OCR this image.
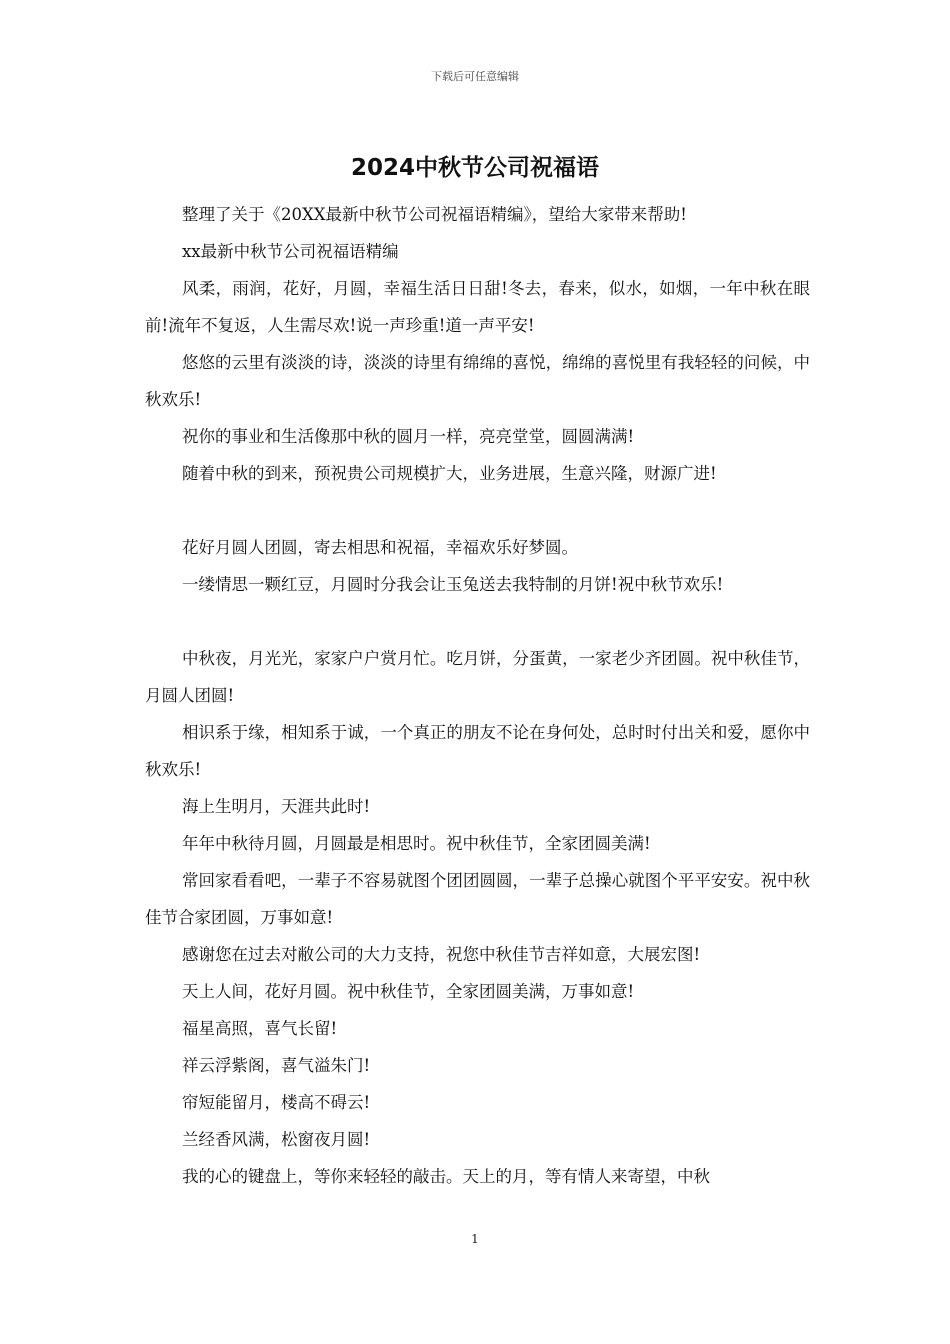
下载后可任意编辑
2024中秋节公司祝福语

整理了关于《20XX最新中秋节公司祝福语精编》，望给大家带来帮助!

xx最新中秋节公司祝福语精编

风柔，雨润，花好，月圆，幸福生活日日甜!冬去，春来，似水，如烟，一年中秋在眼前!流年不复返，人生需尽欢!说一声珍重!道一声平安!

悠悠的云里有淡淡的诗，淡淡的诗里有绵绵的喜悦，绵绵的喜悦里有我轻轻的问候，中秋欢乐!

祝你的事业和生活像那中秋的圆月一样，亮亮堂堂，圆圆满满!

随着中秋的到来，预祝贵公司规模扩大，业务进展，生意兴隆，财源广进!

花好月圆人团圆，寄去相思和祝福，幸福欢乐好梦圆。

一缕情思一颗红豆，月圆时分我会让玉兔送去我特制的月饼!祝中秋节欢乐!

中秋夜，月光光，家家户户赏月忙。吃月饼，分蛋黄，一家老少齐团圆。祝中秋佳节，月圆人团圆!

相识系于缘，相知系于诚，一个真正的朋友不论在身何处，总时时付出关和爱，愿你中秋欢乐!

海上生明月，天涯共此时!

年年中秋待月圆，月圆最是相思时。祝中秋佳节，全家团圆美满!

常回家看看吧，一辈子不容易就图个团团圆圆，一辈子总操心就图个平平安安。祝中秋佳节合家团圆，万事如意!

感谢您在过去对敝公司的大力支持，祝您中秋佳节吉祥如意，大展宏图!

天上人间，花好月圆。祝中秋佳节，全家团圆美满，万事如意!

福星高照，喜气长留!

祥云浮紫阁，喜气溢朱门!

帘短能留月，楼高不碍云!

兰经香风满，松窗夜月圆!

我的心的键盘上，等你来轻轻的敲击。天上的月，等有情人来寄望，中秋

1
